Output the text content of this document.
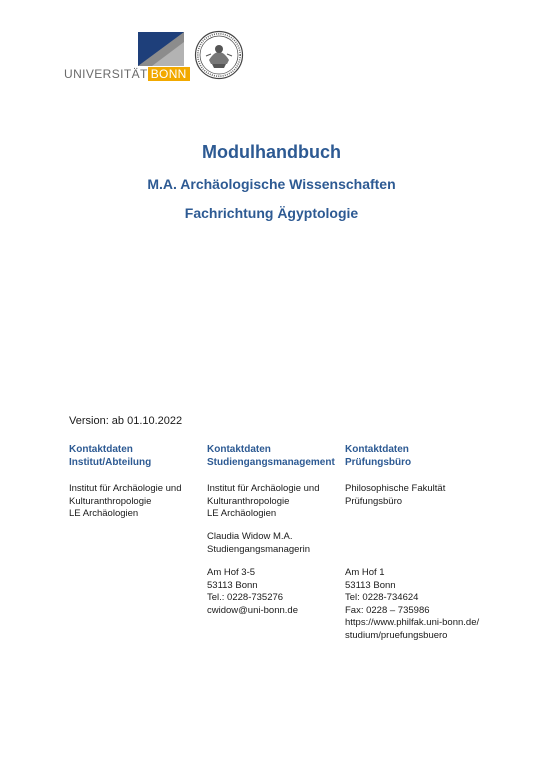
UNIVERSITÄT BONN
Modulhandbuch
M.A. Archäologische Wissenschaften
Fachrichtung Ägyptologie
Version: ab 01.10.2022
Kontaktdaten
Institut/Abteilung
Institut für Archäologie und
Kulturanthropologie
LE Archäologien
Kontaktdaten
Studiengangsmanagement
Institut für Archäologie und
Kulturanthropologie
LE Archäologien
Claudia Widow M.A.
Studiengangsmanagerin
Am Hof 3-5
53113 Bonn
Tel.: 0228-735276
cwidow@uni-bonn.de
Kontaktdaten
Prüfungsbüro
Philosophische Fakultät
Prüfungsbüro
Am Hof 1
53113 Bonn
Tel: 0228-734624
Fax: 0228 – 735986
https://www.philfak.uni-bonn.de/
studium/pruefungsbuero
